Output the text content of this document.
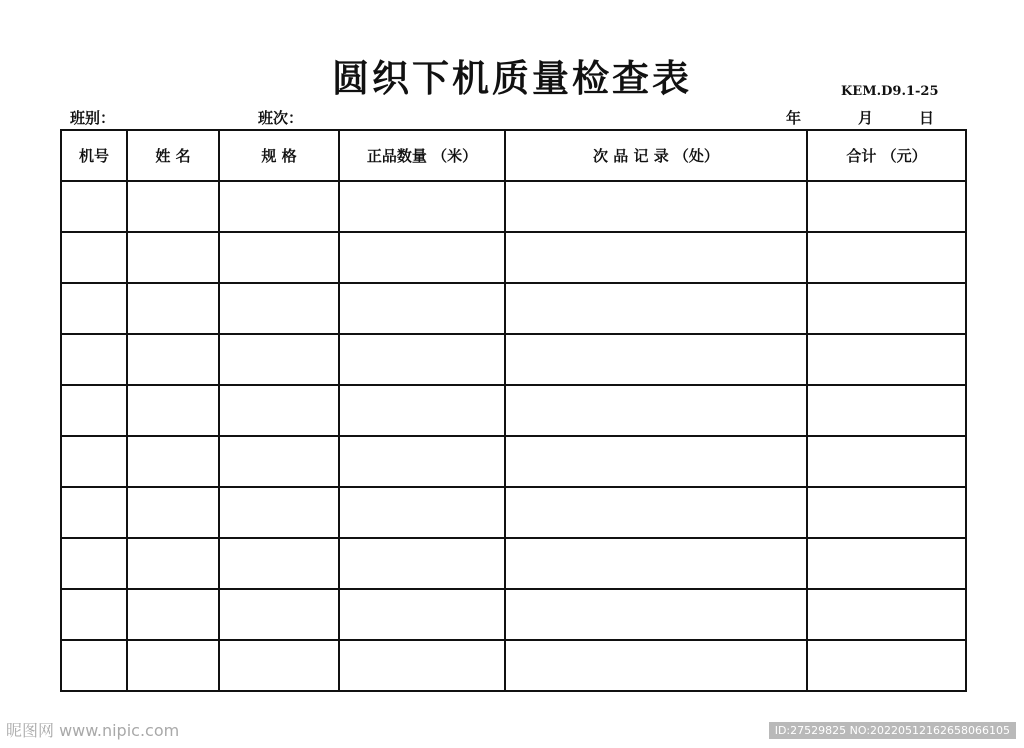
圆织下机质量检查表	KEM.D9.1-25
班别：	班次：	年	月	日
机号	姓 名	规 格	正品数量 （米）	次 品 记 录 （处）	合计 （元）

昵图网 www.nipic.com	ID:27529825 NO:20220512162658066105
